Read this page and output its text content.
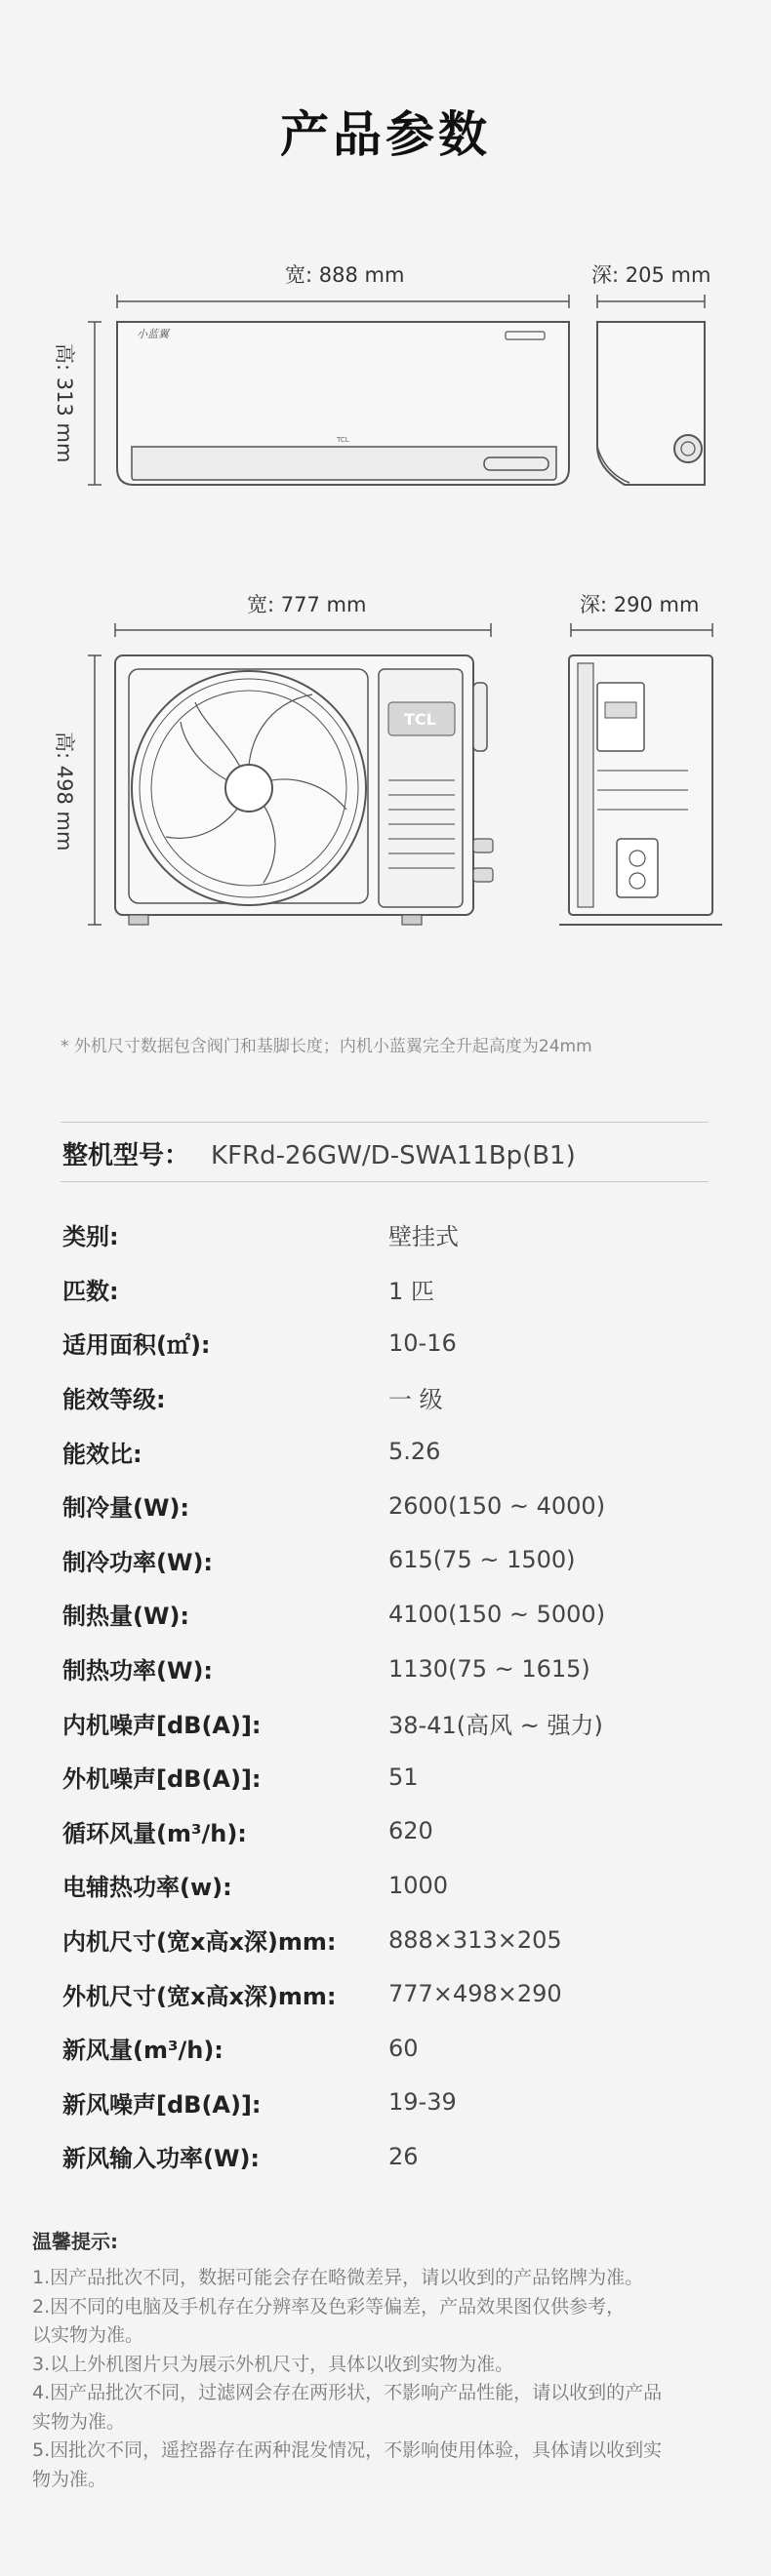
产品参数
宽: 888 mm	深: 205 mm
高: 313 mm
宽: 777 mm	深: 290 mm
高: 498 mm
小蓝翼
TCL
TCL
* 外机尺寸数据包含阀门和基脚长度；内机小蓝翼完全升起高度为24mm
整机型号： KFRd-26GW/D-SWA11Bp(B1)
类别:	壁挂式
匹数:	1 匹
适用面积(㎡):	10-16
能效等级:	一 级
能效比:	5.26
制冷量(W):	2600(150 ~ 4000)
制冷功率(W):	615(75 ~ 1500)
制热量(W):	4100(150 ~ 5000)
制热功率(W):	1130(75 ~ 1615)
内机噪声[dB(A)]:	38-41(高风 ~ 强力)
外机噪声[dB(A)]:	51
循环风量(m³/h):	620
电辅热功率(w):	1000
内机尺寸(宽x高x深)mm:	888×313×205
外机尺寸(宽x高x深)mm:	777×498×290
新风量(m³/h):	60
新风噪声[dB(A)]:	19-39
新风输入功率(W):	26
温馨提示:
1.因产品批次不同，数据可能会存在略微差异，请以收到的产品铭牌为准。
2.因不同的电脑及手机存在分辨率及色彩等偏差，产品效果图仅供参考，
以实物为准。
3.以上外机图片只为展示外机尺寸，具体以收到实物为准。
4.因产品批次不同，过滤网会存在两形状，不影响产品性能，请以收到的产品
实物为准。
5.因批次不同，遥控器存在两种混发情况，不影响使用体验，具体请以收到实
物为准。
